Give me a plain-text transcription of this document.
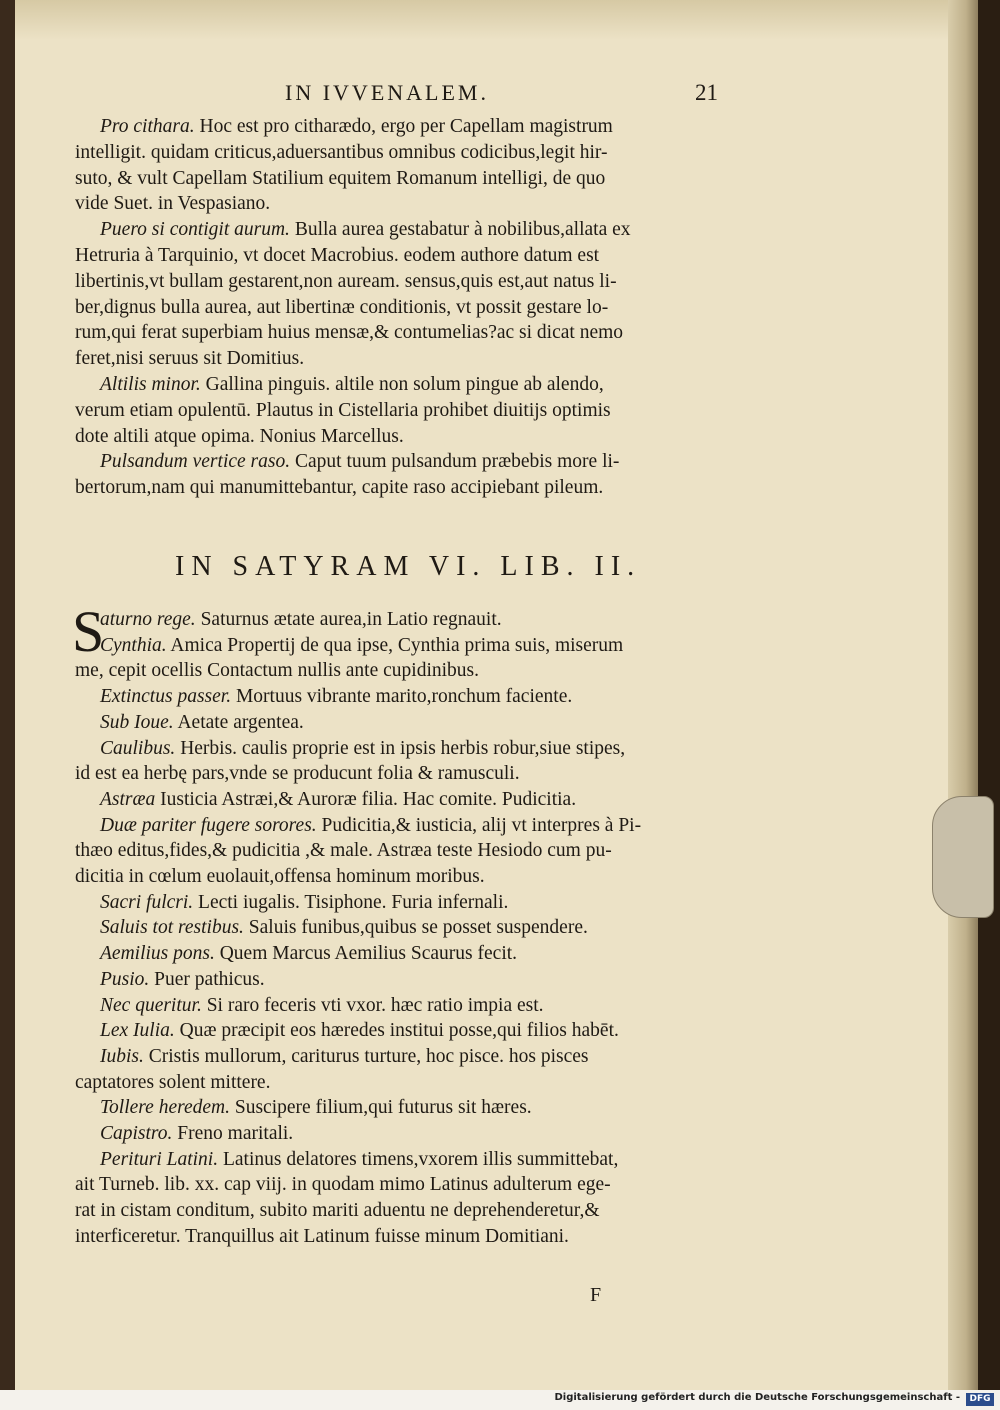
IN IVVENALEM.	21
Pro cithara. Hoc est pro citharædo, ergo per Capellam magistrum
intelligit. quidam criticus,aduersantibus omnibus codicibus,legit hir-
suto, & vult Capellam Statilium equitem Romanum intelligi, de quo
vide Suet. in Vespasiano.
Puero si contigit aurum. Bulla aurea gestabatur à nobilibus,allata ex
Hetruria à Tarquinio, vt docet Macrobius. eodem authore datum est
libertinis,vt bullam gestarent,non auream. sensus,quis est,aut natus li-
ber,dignus bulla aurea, aut libertinæ conditionis, vt possit gestare lo-
rum,qui ferat superbiam huius mensæ,& contumelias?ac si dicat nemo
feret,nisi seruus sit Domitius.
Altilis minor. Gallina pinguis. altile non solum pingue ab alendo,
verum etiam opulentū. Plautus in Cistellaria prohibet diuitijs optimis
dote altili atque opima. Nonius Marcellus.
Pulsandum vertice raso. Caput tuum pulsandum præbebis more li-
bertorum,nam qui manumittebantur, capite raso accipiebant pileum.
IN SATYRAM VI. LIB. II.
S
aturno rege. Saturnus ætate aurea,in Latio regnauit.
Cynthia. Amica Propertij de qua ipse, Cynthia prima suis, miserum
me, cepit ocellis Contactum nullis ante cupidinibus.
Extinctus passer. Mortuus vibrante marito,ronchum faciente.
Sub Ioue. Aetate argentea.
Caulibus. Herbis. caulis proprie est in ipsis herbis robur,siue stipes,
id est ea herbę pars,vnde se producunt folia & ramusculi.
Astræa Iusticia Astræi,& Auroræ filia. Hac comite. Pudicitia.
Duæ pariter fugere sorores. Pudicitia,& iusticia, alij vt interpres à Pi-
thæo editus,fides,& pudicitia ,& male. Astræa teste Hesiodo cum pu-
dicitia in cœlum euolauit,offensa hominum moribus.
Sacri fulcri. Lecti iugalis. Tisiphone. Furia infernali.
Saluis tot restibus. Saluis funibus,quibus se posset suspendere.
Aemilius pons. Quem Marcus Aemilius Scaurus fecit.
Pusio. Puer pathicus.
Nec queritur. Si raro feceris vti vxor. hæc ratio impia est.
Lex Iulia. Quæ præcipit eos hæredes institui posse,qui filios habēt.
Iubis. Cristis mullorum, cariturus turture, hoc pisce. hos pisces
captatores solent mittere.
Tollere heredem. Suscipere filium,qui futurus sit hæres.
Capistro. Freno maritali.
Perituri Latini. Latinus delatores timens,vxorem illis summittebat,
ait Turneb. lib. xx. cap viij. in quodam mimo Latinus adulterum ege-
rat in cistam conditum, subito mariti aduentu ne deprehenderetur,&
interficeretur. Tranquillus ait Latinum fuisse minum Domitiani.
F
Digitalisierung gefördert durch die Deutsche Forschungsgemeinschaft -	DFG
